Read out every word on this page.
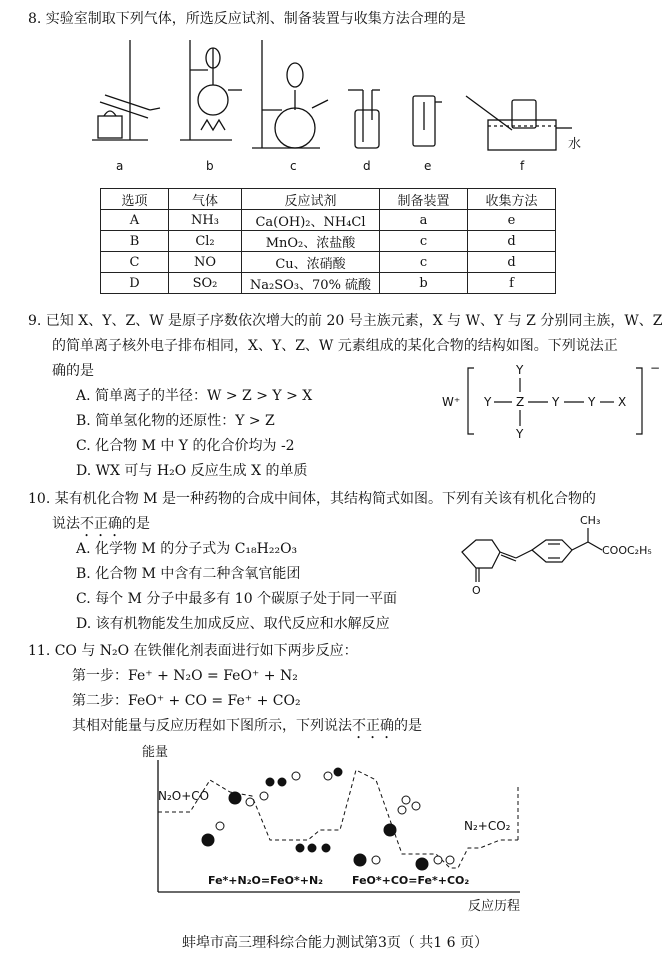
8. 实验室制取下列气体，所选反应试剂、制备装置与收集方法合理的是
a	b	c	d	e	f
水
选项	气体	反应试剂	制备装置	收集方法
A	NH₃	Ca(OH)₂、NH₄Cl	a	e
B	Cl₂	MnO₂、浓盐酸	c	d
C	NO	Cu、浓硝酸	c	d
D	SO₂	Na₂SO₃、70% 硫酸	b	f
9. 已知 X、Y、Z、W 是原子序数依次增大的前 20 号主族元素，X 与 W、Y 与 Z 分别同主族，W、Z
的简单离子核外电子排布相同，X、Y、Z、W 元素组成的某化合物的结构如图。下列说法正
确的是
A. 简单离子的半径：W > Z > Y > X
B. 简单氢化物的还原性：Y > Z
C. 化合物 M 中 Y 的化合价均为 -2
D. WX 可与 H₂O 反应生成 X 的单质
W⁺ Y Z Y Y X
Y
Y
−
10. 某有机化合物 M 是一种药物的合成中间体，其结构简式如图。下列有关该有机化合物的
说法不正确的是
A. 化学物 M 的分子式为 C₁₈H₂₂O₃
B. 化合物 M 中含有二种含氧官能团
C. 每个 M 分子中最多有 10 个碳原子处于同一平面
D. 该有机物能发生加成反应、取代反应和水解反应
CH₃
COOC₂H₅
O
11. CO 与 N₂O 在铁催化剂表面进行如下两步反应：
第一步：Fe⁺ + N₂O = FeO⁺ + N₂
第二步：FeO⁺ + CO = Fe⁺ + CO₂
其相对能量与反应历程如下图所示，下列说法不正确的是
能量
反应历程
N₂O+CO
N₂+CO₂
Fe*+N₂O=FeO*+N₂	FeO*+CO=Fe*+CO₂
蚌埠市高三理科综合能力测试第3页（ 共1 6 页）
